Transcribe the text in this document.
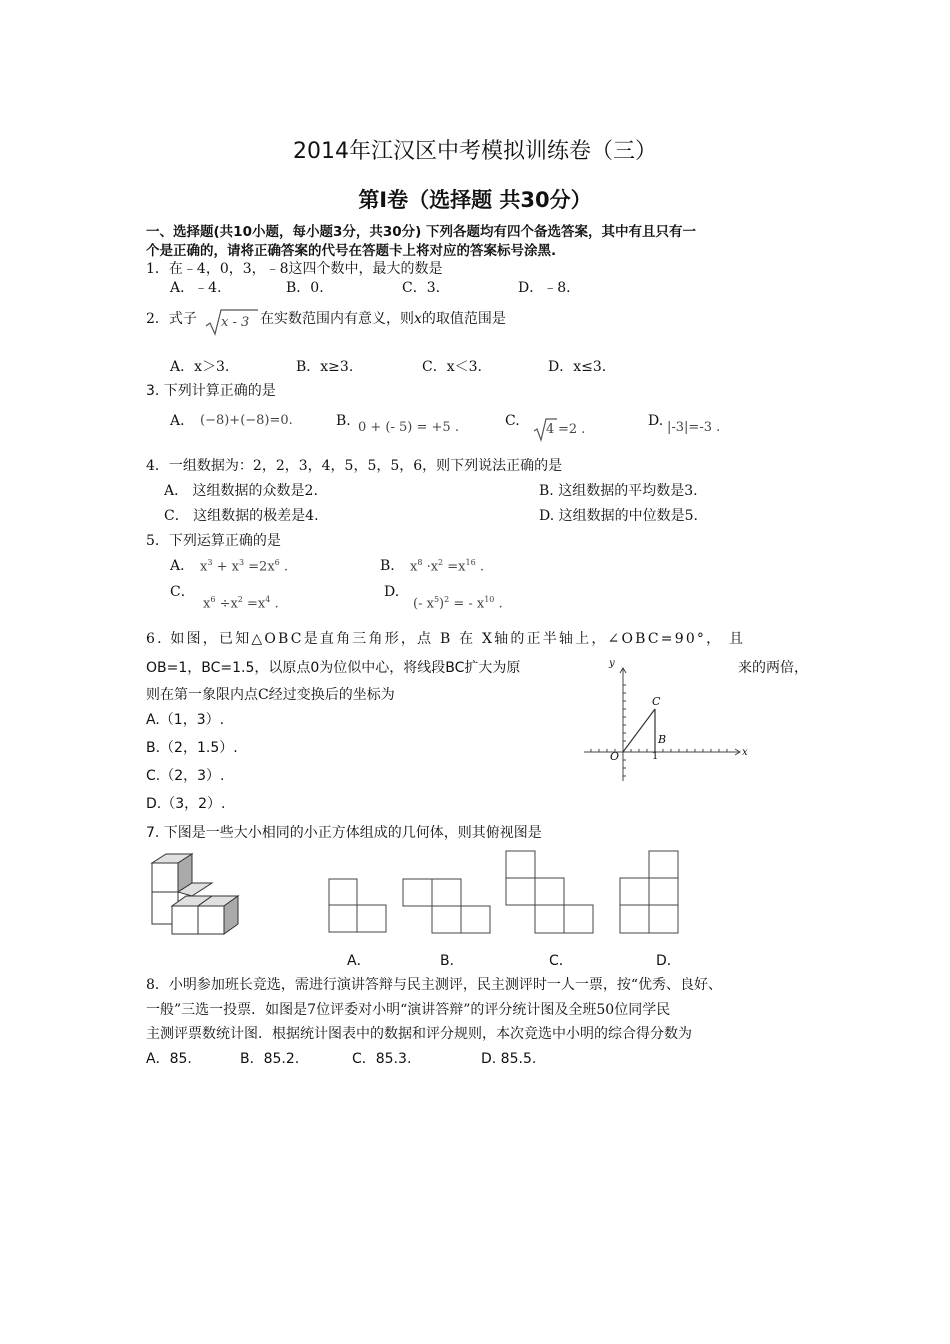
2014年江汉区中考模拟训练卷（三）
第Ⅰ卷（选择题 共30分）
一、选择题(共10小题，每小题3分，共30分) 下列各题均有四个备选答案，其中有且只有一
个是正确的，请将正确答案的代号在答题卡上将对应的答案标号涂黑.
1．在﹣4，0，3，﹣8这四个数中，最大的数是
A．﹣4.	B．0.	C．3.	D．﹣8.
2．式子 x - 3 在实数范围内有意义，则x的取值范围是
A．x＞3.	B．x≥3.	C．x＜3.	D．x≤3.
3. 下列计算正确的是
A． (−8)+(−8)=0.	B. 0 + (- 5) = +5 .	C.
4 =2 .
D. |-3|=-3 .
4．一组数据为：2，2，3，4，5，5，5，6，则下列说法正确的是
A． 这组数据的众数是2.	B. 这组数据的平均数是3.
C． 这组数据的极差是4.	D. 这组数据的中位数是5.
5．下列运算正确的是
A． $x^3 + x^3 =2x^6$ .	B. $x^8 \cdot x^2 =x^{16}$ .
C．
$x^6 \div x^2 =x^4$ .
D.
(- $x^5)^2$ = - $x^{10}$ .
6. 如图，已知△OBC是直角三角形，点 B 在 X轴的正半轴上，∠OBC=90°， 且
OB=1，BC=1.5，以原点0为位似中心，将线段BC扩大为原	来的两倍，
则在第一象限内点C经过变换后的坐标为
A.（1，3）.
B.（2，1.5）.
C.（2，3）.
D.（3，2）.
y
x
O
C
B
1
7. 下图是一些大小相同的小正方体组成的几何体，则其俯视图是
A．	B．	C．	D．
8．小明参加班长竞选，需进行演讲答辩与民主测评，民主测评时一人一票，按“优秀、良好、
一般”三选一投票．如图是7位评委对小明“演讲答辩”的评分统计图及全班50位同学民
主测评票数统计图．根据统计图表中的数据和评分规则，本次竞选中小明的综合得分数为
A．85.	B．85.2.	C．85.3.	D. 85.5.
